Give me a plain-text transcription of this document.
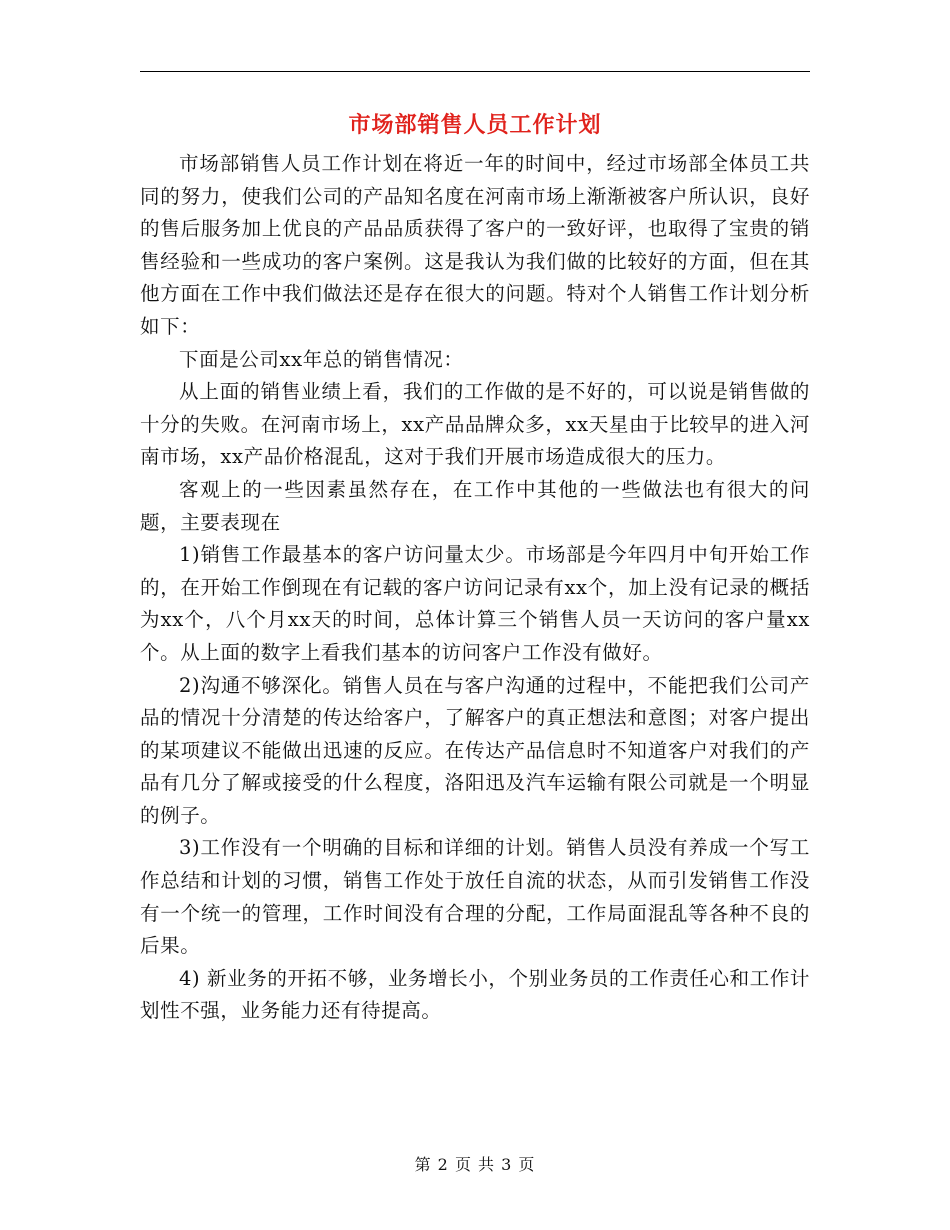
市场部销售人员工作计划

市场部销售人员工作计划在将近一年的时间中，经过市场部全体员工共同的努力，使我们公司的产品知名度在河南市场上渐渐被客户所认识，良好的售后服务加上优良的产品品质获得了客户的一致好评，也取得了宝贵的销售经验和一些成功的客户案例。这是我认为我们做的比较好的方面，但在其他方面在工作中我们做法还是存在很大的问题。特对个人销售工作计划分析如下：

下面是公司xx年总的销售情况：

从上面的销售业绩上看，我们的工作做的是不好的，可以说是销售做的十分的失败。在河南市场上，xx产品品牌众多，xx天星由于比较早的进入河南市场，xx产品价格混乱，这对于我们开展市场造成很大的压力。

客观上的一些因素虽然存在，在工作中其他的一些做法也有很大的问题，主要表现在

1)销售工作最基本的客户访问量太少。市场部是今年四月中旬开始工作的，在开始工作倒现在有记载的客户访问记录有xx个，加上没有记录的概括为xx个，八个月xx天的时间，总体计算三个销售人员一天访问的客户量xx个。从上面的数字上看我们基本的访问客户工作没有做好。

2)沟通不够深化。销售人员在与客户沟通的过程中，不能把我们公司产品的情况十分清楚的传达给客户，了解客户的真正想法和意图；对客户提出的某项建议不能做出迅速的反应。在传达产品信息时不知道客户对我们的产品有几分了解或接受的什么程度，洛阳迅及汽车运输有限公司就是一个明显的例子。

3)工作没有一个明确的目标和详细的计划。销售人员没有养成一个写工作总结和计划的习惯，销售工作处于放任自流的状态，从而引发销售工作没有一个统一的管理，工作时间没有合理的分配，工作局面混乱等各种不良的后果。

4) 新业务的开拓不够，业务增长小，个别业务员的工作责任心和工作计划性不强，业务能力还有待提高。

第 2 页 共 3 页
